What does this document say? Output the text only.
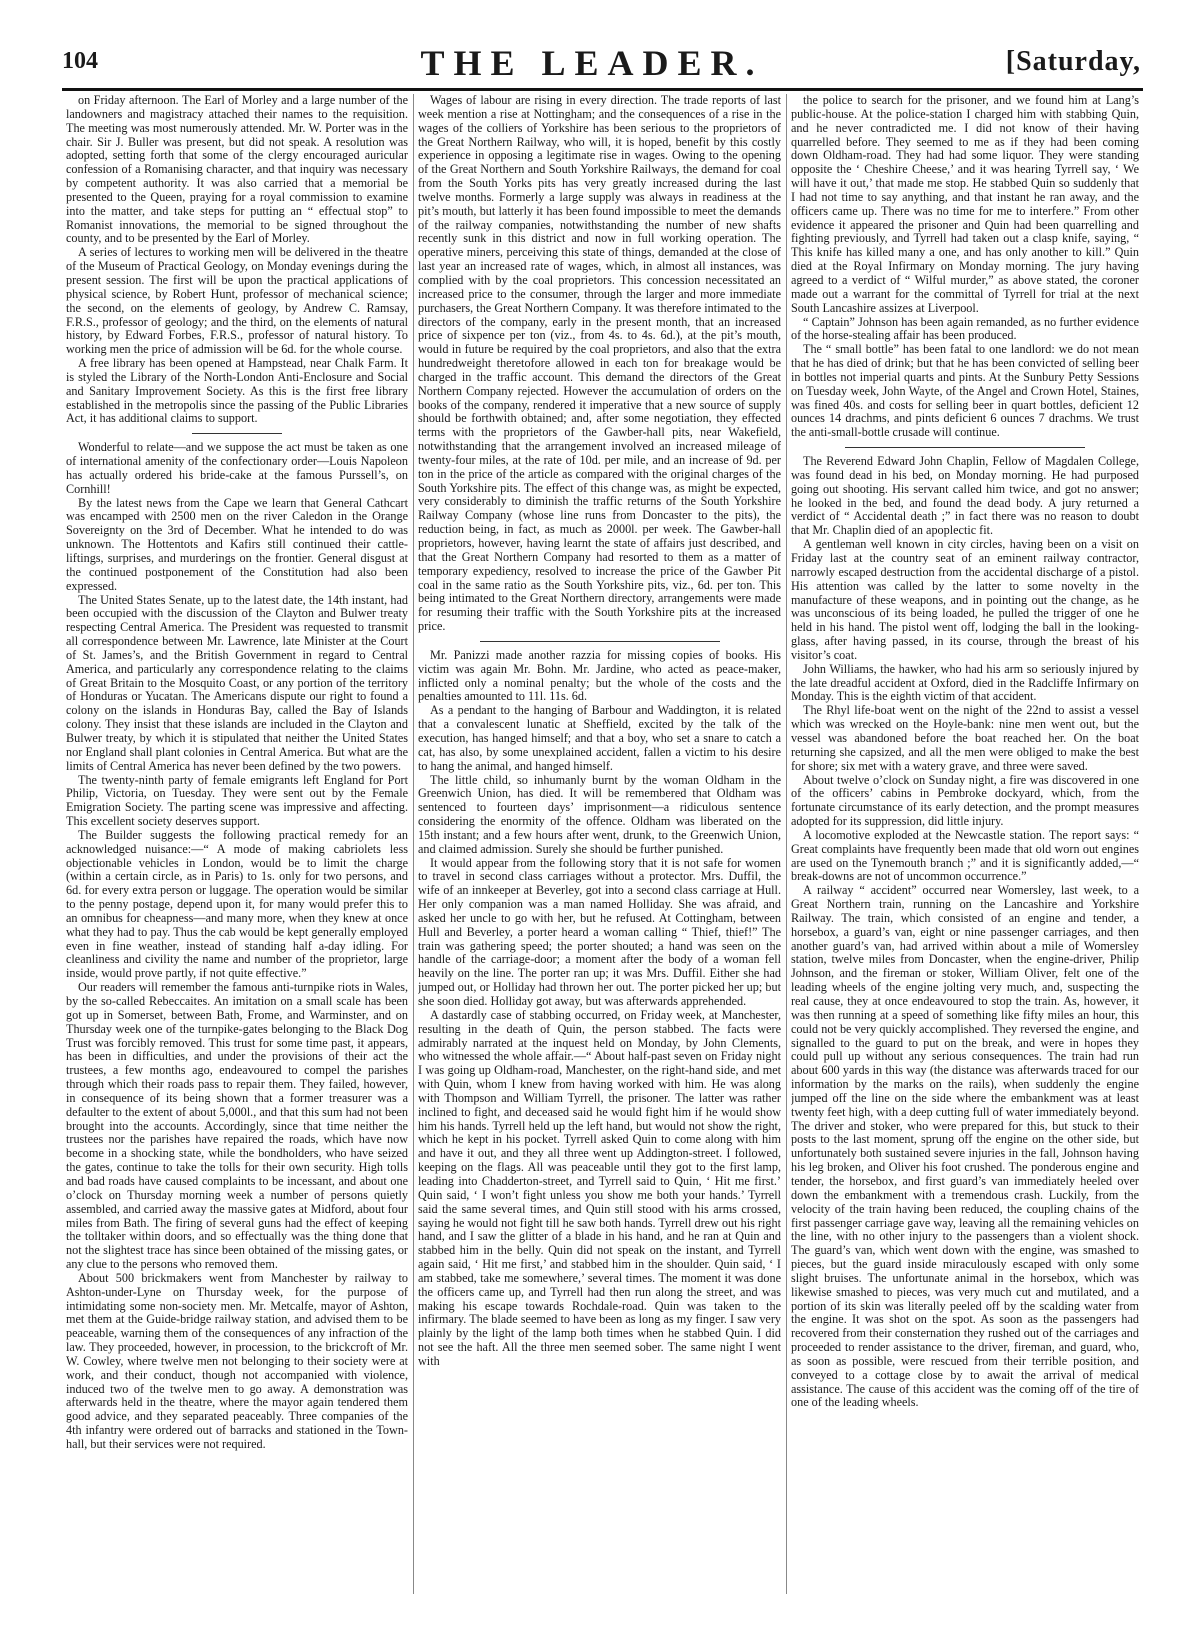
104	THE LEADER.	[Saturday,

on Friday afternoon. The Earl of Morley and a large number of the landowners and magistracy attached their names to the requisition. The meeting was most numerously attended. Mr. W. Porter was in the chair. Sir J. Buller was present, but did not speak. A resolution was adopted, setting forth that some of the clergy encouraged auricular confession of a Romanising character, and that inquiry was necessary by competent authority. It was also carried that a memorial be presented to the Queen, praying for a royal commission to examine into the matter, and take steps for putting an “ effectual stop” to Romanist innovations, the memorial to be signed throughout the county, and to be presented by the Earl of Morley.

A series of lectures to working men will be delivered in the theatre of the Museum of Practical Geology, on Monday evenings during the present session. The first will be upon the practical applications of physical science, by Robert Hunt, professor of mechanical science; the second, on the elements of geology, by Andrew C. Ramsay, F.R.S., professor of geology; and the third, on the elements of natural history, by Edward Forbes, F.R.S., professor of natural history. To working men the price of admission will be 6d. for the whole course.

A free library has been opened at Hampstead, near Chalk Farm. It is styled the Library of the North-London Anti-Enclosure and Social and Sanitary Improvement Society. As this is the first free library established in the metropolis since the passing of the Public Libraries Act, it has additional claims to support.

Wonderful to relate—and we suppose the act must be taken as one of international amenity of the confectionary order—Louis Napoleon has actually ordered his bride-cake at the famous Purssell’s, on Cornhill!

By the latest news from the Cape we learn that General Cathcart was encamped with 2500 men on the river Caledon in the Orange Sovereignty on the 3rd of December. What he intended to do was unknown. The Hottentots and Kafirs still continued their cattle-liftings, surprises, and murderings on the frontier. General disgust at the continued postponement of the Constitution had also been expressed.

The United States Senate, up to the latest date, the 14th instant, had been occupied with the discussion of the Clayton and Bulwer treaty respecting Central America. The President was requested to transmit all correspondence between Mr. Lawrence, late Minister at the Court of St. James’s, and the British Government in regard to Central America, and particularly any correspondence relating to the claims of Great Britain to the Mosquito Coast, or any portion of the territory of Honduras or Yucatan. The Americans dispute our right to found a colony on the islands in Honduras Bay, called the Bay of Islands colony. They insist that these islands are included in the Clayton and Bulwer treaty, by which it is stipulated that neither the United States nor England shall plant colonies in Central America. But what are the limits of Central America has never been defined by the two powers.

The twenty-ninth party of female emigrants left England for Port Philip, Victoria, on Tuesday. They were sent out by the Female Emigration Society. The parting scene was impressive and affecting. This excellent society deserves support.

The Builder suggests the following practical remedy for an acknowledged nuisance:—“ A mode of making cabriolets less objectionable vehicles in London, would be to limit the charge (within a certain circle, as in Paris) to 1s. only for two persons, and 6d. for every extra person or luggage. The operation would be similar to the penny postage, depend upon it, for many would prefer this to an omnibus for cheapness—and many more, when they knew at once what they had to pay. Thus the cab would be kept generally employed even in fine weather, instead of standing half a-day idling. For cleanliness and civility the name and number of the proprietor, large inside, would prove partly, if not quite effective.”

Our readers will remember the famous anti-turnpike riots in Wales, by the so-called Rebeccaites. An imitation on a small scale has been got up in Somerset, between Bath, Frome, and Warminster, and on Thursday week one of the turnpike-gates belonging to the Black Dog Trust was forcibly removed. This trust for some time past, it appears, has been in difficulties, and under the provisions of their act the trustees, a few months ago, endeavoured to compel the parishes through which their roads pass to repair them. They failed, however, in consequence of its being shown that a former treasurer was a defaulter to the extent of about 5,000l., and that this sum had not been brought into the accounts. Accordingly, since that time neither the trustees nor the parishes have repaired the roads, which have now become in a shocking state, while the bondholders, who have seized the gates, continue to take the tolls for their own security. High tolls and bad roads have caused complaints to be incessant, and about one o’clock on Thursday morning week a number of persons quietly assembled, and carried away the massive gates at Midford, about four miles from Bath. The firing of several guns had the effect of keeping the tolltaker within doors, and so effectually was the thing done that not the slightest trace has since been obtained of the missing gates, or any clue to the persons who removed them.

About 500 brickmakers went from Manchester by railway to Ashton-under-Lyne on Thursday week, for the purpose of intimidating some non-society men. Mr. Metcalfe, mayor of Ashton, met them at the Guide-bridge railway station, and advised them to be peaceable, warning them of the consequences of any infraction of the law. They proceeded, however, in procession, to the brickcroft of Mr. W. Cowley, where twelve men not belonging to their society were at work, and their conduct, though not accompanied with violence, induced two of the twelve men to go away. A demonstration was afterwards held in the theatre, where the mayor again tendered them good advice, and they separated peaceably. Three companies of the 4th infantry were ordered out of barracks and stationed in the Town-hall, but their services were not required.

Wages of labour are rising in every direction. The trade reports of last week mention a rise at Nottingham; and the consequences of a rise in the wages of the colliers of Yorkshire has been serious to the proprietors of the Great Northern Railway, who will, it is hoped, benefit by this costly experience in opposing a legitimate rise in wages. Owing to the opening of the Great Northern and South Yorkshire Railways, the demand for coal from the South Yorks pits has very greatly increased during the last twelve months. Formerly a large supply was always in readiness at the pit’s mouth, but latterly it has been found impossible to meet the demands of the railway companies, notwithstanding the number of new shafts recently sunk in this district and now in full working operation. The operative miners, perceiving this state of things, demanded at the close of last year an increased rate of wages, which, in almost all instances, was complied with by the coal proprietors. This concession necessitated an increased price to the consumer, through the larger and more immediate purchasers, the Great Northern Company. It was therefore intimated to the directors of the company, early in the present month, that an increased price of sixpence per ton (viz., from 4s. to 4s. 6d.), at the pit’s mouth, would in future be required by the coal proprietors, and also that the extra hundredweight theretofore allowed in each ton for breakage would be charged in the traffic account. This demand the directors of the Great Northern Company rejected. However the accumulation of orders on the books of the company, rendered it imperative that a new source of supply should be forthwith obtained; and, after some negotiation, they effected terms with the proprietors of the Gawber-hall pits, near Wakefield, notwithstanding that the arrangement involved an increased mileage of twenty-four miles, at the rate of 10d. per mile, and an increase of 9d. per ton in the price of the article as compared with the original charges of the South Yorkshire pits. The effect of this change was, as might be expected, very considerably to diminish the traffic returns of the South Yorkshire Railway Company (whose line runs from Doncaster to the pits), the reduction being, in fact, as much as 2000l. per week. The Gawber-hall proprietors, however, having learnt the state of affairs just described, and that the Great Northern Company had resorted to them as a matter of temporary expediency, resolved to increase the price of the Gawber Pit coal in the same ratio as the South Yorkshire pits, viz., 6d. per ton. This being intimated to the Great Northern directory, arrangements were made for resuming their traffic with the South Yorkshire pits at the increased price.

Mr. Panizzi made another razzia for missing copies of books. His victim was again Mr. Bohn. Mr. Jardine, who acted as peace-maker, inflicted only a nominal penalty; but the whole of the costs and the penalties amounted to 11l. 11s. 6d.

As a pendant to the hanging of Barbour and Waddington, it is related that a convalescent lunatic at Sheffield, excited by the talk of the execution, has hanged himself; and that a boy, who set a snare to catch a cat, has also, by some unexplained accident, fallen a victim to his desire to hang the animal, and hanged himself.

The little child, so inhumanly burnt by the woman Oldham in the Greenwich Union, has died. It will be remembered that Oldham was sentenced to fourteen days’ imprisonment—a ridiculous sentence considering the enormity of the offence. Oldham was liberated on the 15th instant; and a few hours after went, drunk, to the Greenwich Union, and claimed admission. Surely she should be further punished.

It would appear from the following story that it is not safe for women to travel in second class carriages without a protector. Mrs. Duffil, the wife of an innkeeper at Beverley, got into a second class carriage at Hull. Her only companion was a man named Holliday. She was afraid, and asked her uncle to go with her, but he refused. At Cottingham, between Hull and Beverley, a porter heard a woman calling “ Thief, thief!” The train was gathering speed; the porter shouted; a hand was seen on the handle of the carriage-door; a moment after the body of a woman fell heavily on the line. The porter ran up; it was Mrs. Duffil. Either she had jumped out, or Holliday had thrown her out. The porter picked her up; but she soon died. Holliday got away, but was afterwards apprehended.

A dastardly case of stabbing occurred, on Friday week, at Manchester, resulting in the death of Quin, the person stabbed. The facts were admirably narrated at the inquest held on Monday, by John Clements, who witnessed the whole affair.—“ About half-past seven on Friday night I was going up Oldham-road, Manchester, on the right-hand side, and met with Quin, whom I knew from having worked with him. He was along with Thompson and William Tyrrell, the prisoner. The latter was rather inclined to fight, and deceased said he would fight him if he would show him his hands. Tyrrell held up the left hand, but would not show the right, which he kept in his pocket. Tyrrell asked Quin to come along with him and have it out, and they all three went up Addington-street. I followed, keeping on the flags. All was peaceable until they got to the first lamp, leading into Chadderton-street, and Tyrrell said to Quin, ‘ Hit me first.’ Quin said, ‘ I won’t fight unless you show me both your hands.’ Tyrrell said the same several times, and Quin still stood with his arms crossed, saying he would not fight till he saw both hands. Tyrrell drew out his right hand, and I saw the glitter of a blade in his hand, and he ran at Quin and stabbed him in the belly. Quin did not speak on the instant, and Tyrrell again said, ‘ Hit me first,’ and stabbed him in the shoulder. Quin said, ‘ I am stabbed, take me somewhere,’ several times. The moment it was done the officers came up, and Tyrrell had then run along the street, and was making his escape towards Rochdale-road. Quin was taken to the infirmary. The blade seemed to have been as long as my finger. I saw very plainly by the light of the lamp both times when he stabbed Quin. I did not see the haft. All the three men seemed sober. The same night I went with

the police to search for the prisoner, and we found him at Lang’s public-house. At the police-station I charged him with stabbing Quin, and he never contradicted me. I did not know of their having quarrelled before. They seemed to me as if they had been coming down Oldham-road. They had had some liquor. They were standing opposite the ‘ Cheshire Cheese,’ and it was hearing Tyrrell say, ‘ We will have it out,’ that made me stop. He stabbed Quin so suddenly that I had not time to say anything, and that instant he ran away, and the officers came up. There was no time for me to interfere.” From other evidence it appeared the prisoner and Quin had been quarrelling and fighting previously, and Tyrrell had taken out a clasp knife, saying, “ This knife has killed many a one, and has only another to kill.” Quin died at the Royal Infirmary on Monday morning. The jury having agreed to a verdict of “ Wilful murder,” as above stated, the coroner made out a warrant for the committal of Tyrrell for trial at the next South Lancashire assizes at Liverpool.

“ Captain” Johnson has been again remanded, as no further evidence of the horse-stealing affair has been produced.

The “ small bottle” has been fatal to one landlord: we do not mean that he has died of drink; but that he has been convicted of selling beer in bottles not imperial quarts and pints. At the Sunbury Petty Sessions on Tuesday week, John Wayte, of the Angel and Crown Hotel, Staines, was fined 40s. and costs for selling beer in quart bottles, deficient 12 ounces 14 drachms, and pints deficient 6 ounces 7 drachms. We trust the anti-small-bottle crusade will continue.

The Reverend Edward John Chaplin, Fellow of Magdalen College, was found dead in his bed, on Monday morning. He had purposed going out shooting. His servant called him twice, and got no answer; he looked in the bed, and found the dead body. A jury returned a verdict of “ Accidental death ;” in fact there was no reason to doubt that Mr. Chaplin died of an apoplectic fit.

A gentleman well known in city circles, having been on a visit on Friday last at the country seat of an eminent railway contractor, narrowly escaped destruction from the accidental discharge of a pistol. His attention was called by the latter to some novelty in the manufacture of these weapons, and in pointing out the change, as he was unconscious of its being loaded, he pulled the trigger of one he held in his hand. The pistol went off, lodging the ball in the looking-glass, after having passed, in its course, through the breast of his visitor’s coat.

John Williams, the hawker, who had his arm so seriously injured by the late dreadful accident at Oxford, died in the Radcliffe Infirmary on Monday. This is the eighth victim of that accident.

The Rhyl life-boat went on the night of the 22nd to assist a vessel which was wrecked on the Hoyle-bank: nine men went out, but the vessel was abandoned before the boat reached her. On the boat returning she capsized, and all the men were obliged to make the best for shore; six met with a watery grave, and three were saved.

About twelve o’clock on Sunday night, a fire was discovered in one of the officers’ cabins in Pembroke dockyard, which, from the fortunate circumstance of its early detection, and the prompt measures adopted for its suppression, did little injury.

A locomotive exploded at the Newcastle station. The report says: “ Great complaints have frequently been made that old worn out engines are used on the Tynemouth branch ;” and it is significantly added,—“ break-downs are not of uncommon occurrence.”

A railway “ accident” occurred near Womersley, last week, to a Great Northern train, running on the Lancashire and Yorkshire Railway. The train, which consisted of an engine and tender, a horsebox, a guard’s van, eight or nine passenger carriages, and then another guard’s van, had arrived within about a mile of Womersley station, twelve miles from Doncaster, when the engine-driver, Philip Johnson, and the fireman or stoker, William Oliver, felt one of the leading wheels of the engine jolting very much, and, suspecting the real cause, they at once endeavoured to stop the train. As, however, it was then running at a speed of something like fifty miles an hour, this could not be very quickly accomplished. They reversed the engine, and signalled to the guard to put on the break, and were in hopes they could pull up without any serious consequences. The train had run about 600 yards in this way (the distance was afterwards traced for our information by the marks on the rails), when suddenly the engine jumped off the line on the side where the embankment was at least twenty feet high, with a deep cutting full of water immediately beyond. The driver and stoker, who were prepared for this, but stuck to their posts to the last moment, sprung off the engine on the other side, but unfortunately both sustained severe injuries in the fall, Johnson having his leg broken, and Oliver his foot crushed. The ponderous engine and tender, the horsebox, and first guard’s van immediately heeled over down the embankment with a tremendous crash. Luckily, from the velocity of the train having been reduced, the coupling chains of the first passenger carriage gave way, leaving all the remaining vehicles on the line, with no other injury to the passengers than a violent shock. The guard’s van, which went down with the engine, was smashed to pieces, but the guard inside miraculously escaped with only some slight bruises. The unfortunate animal in the horsebox, which was likewise smashed to pieces, was very much cut and mutilated, and a portion of its skin was literally peeled off by the scalding water from the engine. It was shot on the spot. As soon as the passengers had recovered from their consternation they rushed out of the carriages and proceeded to render assistance to the driver, fireman, and guard, who, as soon as possible, were rescued from their terrible position, and conveyed to a cottage close by to await the arrival of medical assistance. The cause of this accident was the coming off of the tire of one of the leading wheels.
